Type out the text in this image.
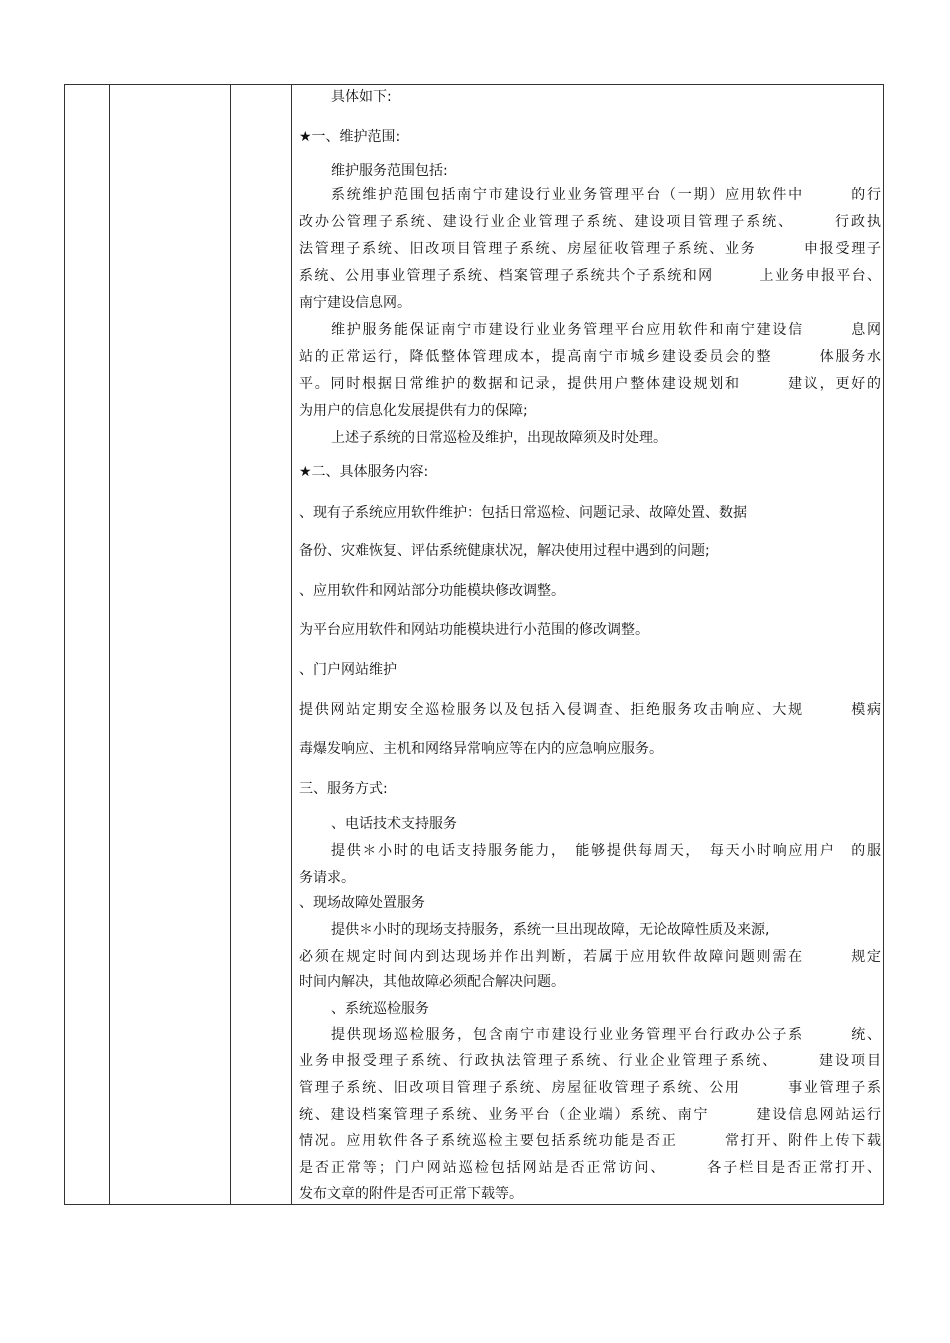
具体如下:
★一、维护范围:
维护服务范围包括:
系统维护范围包括南宁市建设行业业务管理平台（一期）应用软件中　　　的行
改办公管理子系统、建设行业企业管理子系统、建设项目管理子系统、　　　行政执
法管理子系统、旧改项目管理子系统、房屋征收管理子系统、业务　　　申报受理子
系统、公用事业管理子系统、档案管理子系统共个子系统和网　　　上业务申报平台、
南宁建设信息网。
维护服务能保证南宁市建设行业业务管理平台应用软件和南宁建设信　　　息网
站的正常运行，降低整体管理成本，提高南宁市城乡建设委员会的整　　　体服务水
平。同时根据日常维护的数据和记录，提供用户整体建设规划和　　　建议，更好的
为用户的信息化发展提供有力的保障;
上述子系统的日常巡检及维护，出现故障须及时处理。
★二、具体服务内容:
、现有子系统应用软件维护：包括日常巡检、问题记录、故障处置、数据
备份、灾难恢复、评估系统健康状况，解决使用过程中遇到的问题;
、应用软件和网站部分功能模块修改调整。
为平台应用软件和网站功能模块进行小范围的修改调整。
、门户网站维护
提供网站定期安全巡检服务以及包括入侵调查、拒绝服务攻击响应、大规　　　模病
毒爆发响应、主机和网络异常响应等在内的应急响应服务。
三、服务方式:
、电话技术支持服务
提供＊小时的电话支持服务能力，　能够提供每周天，　每天小时响应用户　的服
务请求。
、现场故障处置服务
提供＊小时的现场支持服务，系统一旦出现故障，无论故障性质及来源,
必须在规定时间内到达现场并作出判断，若属于应用软件故障问题则需在　　　规定
时间内解决，其他故障必须配合解决问题。
、系统巡检服务
提供现场巡检服务，包含南宁市建设行业业务管理平台行政办公子系　　　统、
业务申报受理子系统、行政执法管理子系统、行业企业管理子系统、　　　建设项目
管理子系统、旧改项目管理子系统、房屋征收管理子系统、公用　　　事业管理子系
统、建设档案管理子系统、业务平台（企业端）系统、南宁　　　建设信息网站运行
情况。应用软件各子系统巡检主要包括系统功能是否正　　　常打开、附件上传下载
是否正常等；门户网站巡检包括网站是否正常访问、　　　各子栏目是否正常打开、
发布文章的附件是否可正常下载等。
